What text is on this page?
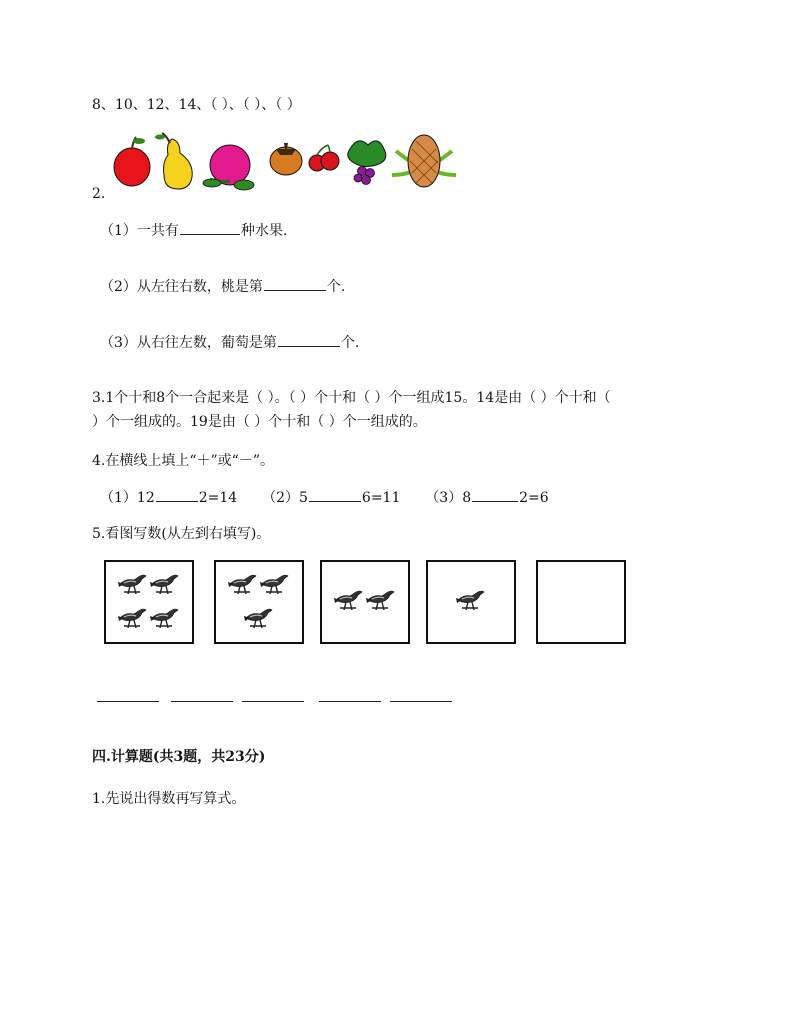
8、10、12、14、（ ）、（ ）、（ ）
2.
（1）一共有	种水果.
（2）从左往右数，桃是第	个.
（3）从右往左数，葡萄是第	个.
3.1个十和8个一合起来是（ ）。（ ）个十和（ ）个一组成15。14是由（ ）个十和（
）个一组成的。19是由（ ）个十和（ ）个一组成的。
4.在横线上填上“＋”或“－”。
（1）12	2=14 （2）5	6=11 （3）8	2=6
5.看图写数(从左到右填写)。
四.计算题(共3题，共23分)
1.先说出得数再写算式。
